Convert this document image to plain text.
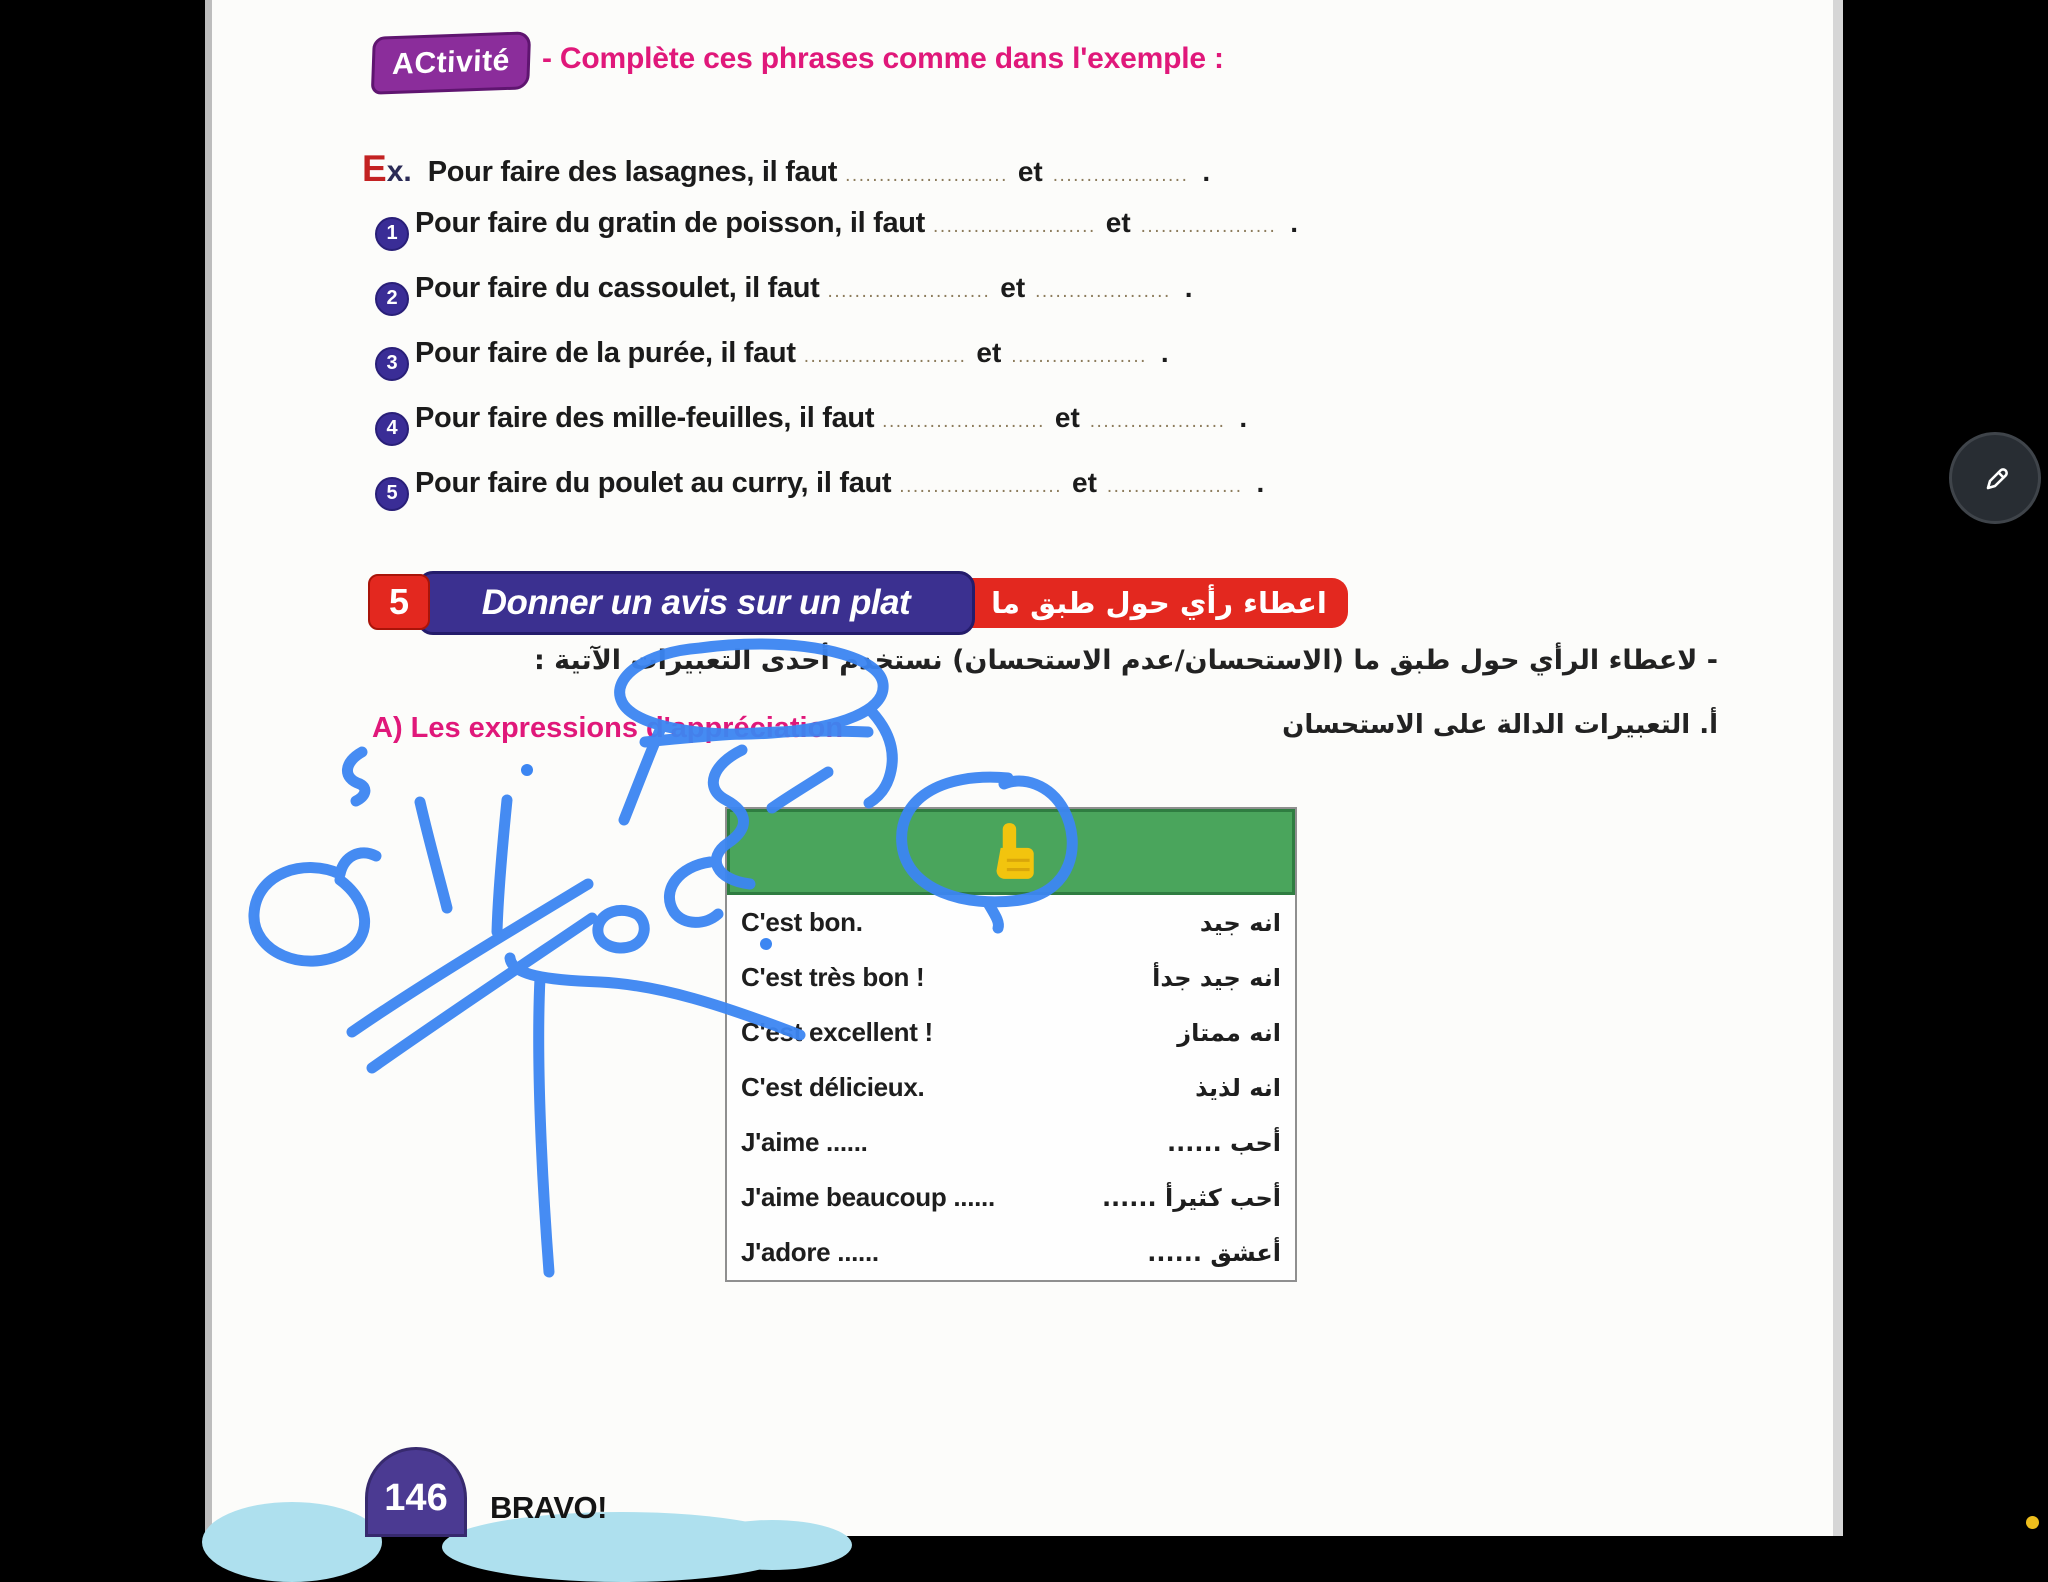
ACtivité	- Complète ces phrases comme dans l'exemple :
Ex. Pour faire des lasagnes, il faut ........................ et .................... .
1 Pour faire du gratin de poisson, il faut ........................ et .................... .
2 Pour faire du cassoulet, il faut ........................ et .................... .
3 Pour faire de la purée, il faut ........................ et .................... .
4 Pour faire des mille-feuilles, il faut ........................ et .................... .
5 Pour faire du poulet au curry, il faut ........................ et .................... .
اعطاء رأي حول طبق ما
Donner un avis sur un plat
5
- لاعطاء الرأي حول طبق ما (الاستحسان/عدم الاستحسان) نستخدم أحدى التعبيرات الآتية :
A) Les expressions d'appréciation	أ. التعبيرات الدالة على الاستحسان
C'est bon.	انه جيد
C'est très bon !	انه جيد جدأ
C'est excellent !	انه ممتاز
C'est délicieux.	انه لذيذ
J'aime ......	أحب ......
J'aime beaucoup ......	أحب كثيرأ ......
J'adore ......	أعشق ......
146	BRAVO!
